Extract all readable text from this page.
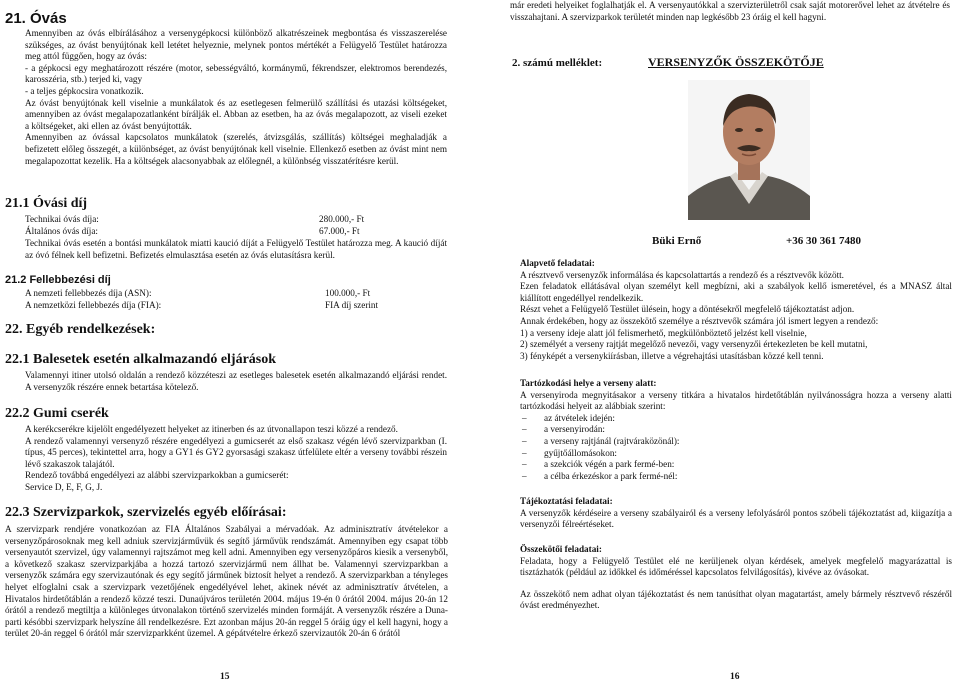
21. Óvás

Amennyiben az óvás elbírálásához a versenygépkocsi különböző alkatrészeinek megbontása és visszaszerelése szükséges, az óvást benyújtónak kell letétet helyeznie, melynek pontos mértékét a Felügyelő Testület határozza meg attól függően, hogy az óvás:

- a gépkocsi egy meghatározott részére (motor, sebességváltó, kormánymű, fékrendszer, elektromos berendezés, karosszéria, stb.) terjed ki, vagy

- a teljes gépkocsira vonatkozik.

Az óvást benyújtónak kell viselnie a munkálatok és az esetlegesen felmerülő szállítási és utazási költségeket, amennyiben az óvást megalapozatlanként bírálják el. Abban az esetben, ha az óvás megalapozott, az viseli ezeket a költségeket, aki ellen az óvást benyújtották.

Amennyiben az óvással kapcsolatos munkálatok (szerelés, átvizsgálás, szállítás) költségei meghaladják a befizetett előleg összegét, a különbséget, az óvást benyújtónak kell viselnie. Ellenkező esetben az óvást mint nem megalapozottat kezelik. Ha a költségek alacsonyabbak az előlegnél, a különbség visszatérítésre kerül.

21.1 Óvási díj
Technikai óvás díja:	280.000,- Ft
Általános óvás díja:	67.000,- Ft
Technikai óvás esetén a bontási munkálatok miatti kaució díját a Felügyelő Testület határozza meg. A kaució díját az óvó félnek kell befizetni. Befizetés elmulasztása esetén az óvás elutasításra kerül.
21.2 Fellebbezési díj
A nemzeti fellebbezés díja (ASN):	100.000,- Ft
A nemzetközi fellebbezés díja (FIA):	FIA díj szerint
22. Egyéb rendelkezések:
22.1 Balesetek esetén alkalmazandó eljárások
Valamennyi itiner utolsó oldalán a rendező közzéteszi az esetleges balesetek esetén alkalmazandó eljárási rendet. A versenyzők részére ennek betartása kötelező.
22.2 Gumi cserék

A kerékcserékre kijelölt engedélyezett helyeket az itinerben és az útvonallapon teszi közzé a rendező.

A rendező valamennyi versenyző részére engedélyezi a gumicserét az első szakasz végén lévő szervizparkban (I. típus, 45 perces), tekintettel arra, hogy a GY1 és GY2 gyorsasági szakasz útfelülete eltér a verseny további részein lévő szakaszok talajától.

Rendező továbbá engedélyezi az alábbi szervizparkokban a gumicserét:

Service D, E, F, G, J.

22.3 Szervizparkok, szervizelés egyéb előírásai:
A szervizpark rendjére vonatkozóan az FIA Általános Szabályai a mérvadóak. Az adminisztratív átvételekor a versenyzőpárosoknak meg kell adniuk szervizjárművük és segítő járművük rendszámát. Amennyiben egy csapat több versenyautót szervizel, úgy valamennyi rajtszámot meg kell adni. Amennyiben egy versenyzőpáros kiesik a versenyből, a következő szakasz szervizparkjába a hozzá tartozó szervizjármű nem állhat be. Valamennyi szervizparkban a versenyzők számára egy szervizautónak és egy segítő járműnek biztosít helyet a rendező. A szervizparkban a tényleges helyet elfoglalni csak a szervizpark vezetőjének engedélyével lehet, akinek névét az adminisztratív átvételen, a Hivatalos hirdetőtáblán a rendező közzé teszi. Dunaújváros területén 2004. május 19-én 0 órától 2004. május 20-án 12 órától a rendező megtiltja a különleges útvonalakon történő szervizelés minden formáját. A versenyzők részére a Duna-parti késóbbi szervizpark helyszíne áll rendelkezésre. Ezt azonban május 20-án reggel 5 óráig úgy el kell hagyni, hogy a terület 20-án reggel 6 órától már szervizparkként üzemel. A gépátvételre érkező szervizautók 20-án 6 órától
15
már eredeti helyeiket foglalhatják el. A versenyautókkal a szervizterületről csak saját motorerővel lehet az átvételre és visszahajtani. A szervizparkok területét minden nap legkésőbb 23 óráig el kell hagyni.
2. számú melléklet:	VERSENYZŐK ÖSSZEKÖTŐJE
Büki Ernő	+36 30 361 7480

Alapvető feladatai:

A résztvevő versenyzők informálása és kapcsolattartás a rendező és a résztvevők között.

Ezen feladatok ellátásával olyan személyt kell megbízni, aki a szabályok kellő ismeretével, és a MNASZ által kiállított engedéllyel rendelkezik.

Részt vehet a Felügyelő Testület ülésein, hogy a döntésekről megfelelő tájékoztatást adjon.

Annak érdekében, hogy az összekötő személye a résztvevők számára jól ismert legyen a rendező:

1) a verseny ideje alatt jól felismerhető, megkülönböztető jelzést kell viselnie,

2) személyét a verseny rajtját megelőző nevezői, vagy versenyzői értekezleten be kell mutatni,

3) fényképét a versenykiírásban, illetve a végrehajtási utasításban közzé kell tenni.

Tartózkodási helye a verseny alatt:

A versenyiroda megnyitásakor a verseny titkára a hivatalos hirdetőtáblán nyilvánosságra hozza a verseny alatti tartózkodási helyeit az alábbiak szerint:

– az átvételek idején:
– a versenyirodán:
– a verseny rajtjánál (rajtváraközönál):
– gyűjtőállomásokon:
– a szekciók végén a park fermé-ben:
– a célba érkezéskor a park fermé-nél:

Tájékoztatási feladatai:

A versenyzők kérdéseire a verseny szabályairól és a verseny lefolyásáról pontos szóbeli tájékoztatást ad, kiigazítja a versenyzői félreértéseket.

Összekötői feladatai:

Feladata, hogy a Felügyelő Testület elé ne kerüljenek olyan kérdések, amelyek megfelelő magyarázattal is tisztázhatók (például az időkkel és időméréssel kapcsolatos felvilágosítás), kivéve az óvásokat.

Az összekötő nem adhat olyan tájékoztatást és nem tanúsíthat olyan magatartást, amely bármely résztvevő részéről óvást eredményezhet.

16
